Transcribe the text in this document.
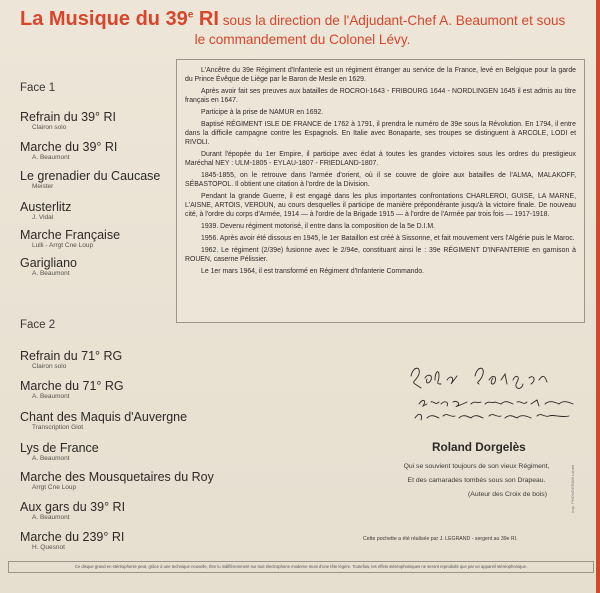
La Musique du 39e RI sous la direction de l'Adjudant-Chef A. Beaumont et sous
le commandement du Colonel Lévy.
Face 1
Face 2
Refrain du 39° RI
Clairon solo
Marche du 39° RI
A. Beaumont
Le grenadier du Caucase
Meister
Austerlitz
J. Vidal
Marche Française
Lulli - Arrgt Cne Loup
Garigliano
A. Beaumont
Refrain du 71° RG
Clairon solo
Marche du 71° RG
A. Beaumont
Chant des Maquis d'Auvergne
Transcription Giot
Lys de France
A. Beaumont
Marche des Mousquetaires du Roy
Arrgt Cne Loup
Aux gars du 39° RI
A. Beaumont
Marche du 239° RI
H. Quesnot

L'Ancêtre du 39e Régiment d'Infanterie est un régiment étranger au service de la France, levé en Belgique pour la garde du Prince Évêque de Liège par le Baron de Mesle en 1629.

Après avoir fait ses preuves aux batailles de ROCROI-1643 - FRIBOURG 1644 - NORDLINGEN 1645 il est admis au titre français en 1647.

Participe à la prise de NAMUR en 1692.

Baptisé RÉGIMENT ISLE DE FRANCE de 1762 à 1791, il prendra le numéro de 39e sous la Révolution. En 1794, il entre dans la difficile campagne contre les Espagnols. En Italie avec Bonaparte, ses troupes se distinguent à ARCOLE, LODI et RIVOLI.

Durant l'épopée du 1er Empire, il participe avec éclat à toutes les grandes victoires sous les ordres du prestigieux Maréchal NEY : ULM-1805 - EYLAU-1807 - FRIEDLAND-1807.

1845-1855, on le retrouve dans l'armée d'orient, où il se couvre de gloire aux batailles de l'ALMA, MALAKOFF, SÉBASTOPOL. Il obtient une citation à l'ordre de la Division.

Pendant la grande Guerre, il est engagé dans les plus importantes confrontations CHARLEROI, GUISE, LA MARNE, L'AISNE, ARTOIS, VERDUN, au cours desquelles il participe de manière prépondérante jusqu'à la victoire finale. De nouveau cité, à l'ordre du corps d'Armée, 1914 — à l'ordre de la Brigade 1915 — à l'ordre de l'Armée par trois fois — 1917-1918.

1939. Devenu régiment motorisé, il entre dans la composition de la 5e D.I.M.

1956. Après avoir été dissous en 1945, le 1er Bataillon est créé à Sissonne, et fait mouvement vers l'Algérie puis le Maroc.

1962. Le régiment (2/39e) fusionne avec le 2/94e, constituant ainsi le : 39e RÉGIMENT D'INFANTERIE en garnison à ROUEN, caserne Pélissier.

Le 1er mars 1964, il est transformé en Régiment d'Infanterie Commando.

Roland Dorgelès
Qui se souvient toujours de son vieux Régiment,
Et des camarades tombés sous son Drapeau.
(Auteur des Croix de bois)
Cette pochette a été réalisée par J. LEGRAND - sergent au 39e RI.
Imp. PHONOGRAM Lomet
Ce disque grand en stéréophonie peut, grâce à une technique nouvelle, être lu indifféremment sur tout électrophone moderne muni d'une tête légère. Toutefois, les effets stéréophoniques ne seront reproduits que par un appareil stéréophonique.
